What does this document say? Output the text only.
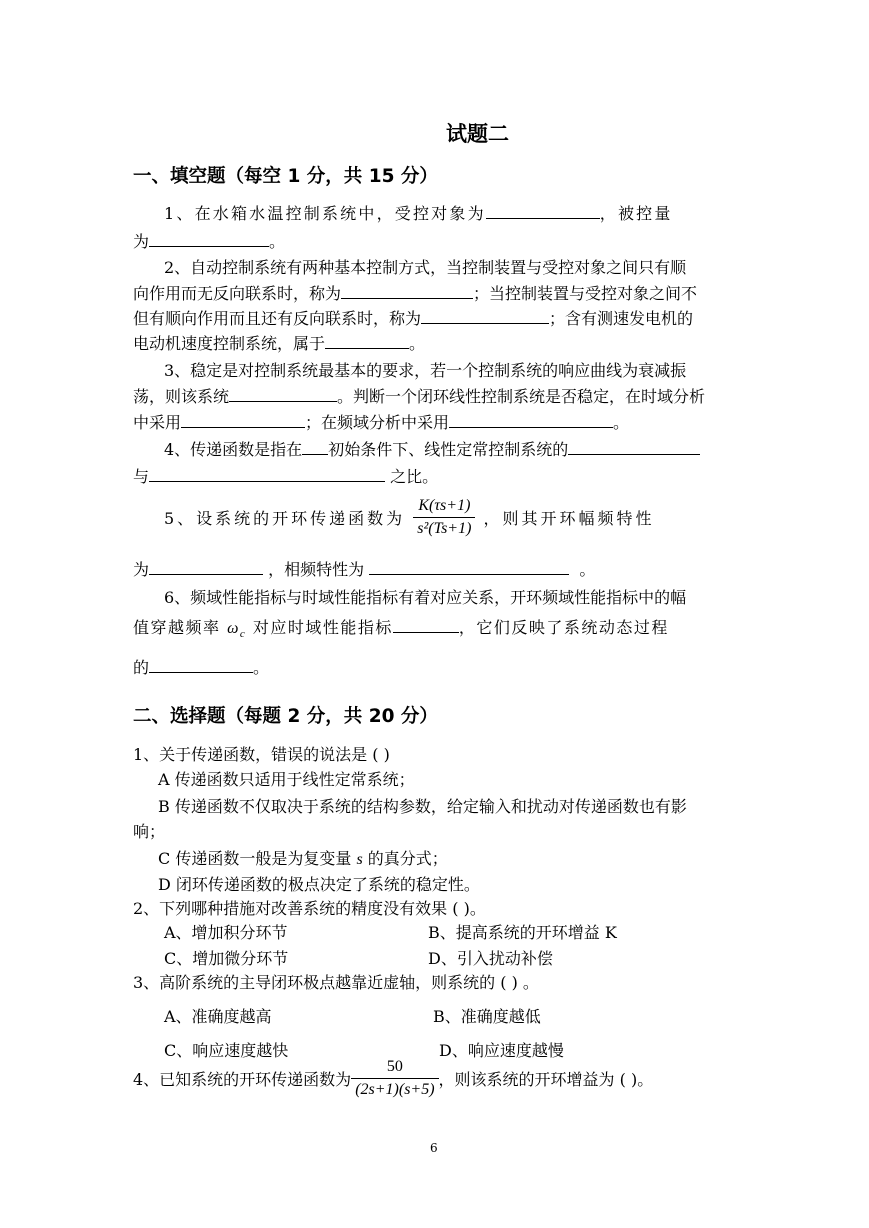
试题二
一、填空题（每空 1 分，共 15 分）
1、在水箱水温控制系统中，受控对象为	，被控量
为	。
2、自动控制系统有两种基本控制方式，当控制装置与受控对象之间只有顺
向作用而无反向联系时，称为	；当控制装置与受控对象之间不
但有顺向作用而且还有反向联系时，称为	；含有测速发电机的
电动机速度控制系统，属于	。
3、稳定是对控制系统最基本的要求，若一个控制系统的响应曲线为衰减振
荡，则该系统	。判断一个闭环线性控制系统是否稳定，在时域分析
中采用	；在频域分析中采用	。
4、传递函数是指在 初始条件下、线性定常控制系统的
与	之比。
5、设系统的开环传递函数为 $\frac{K(\tau s+1)}{\text{s²(Ts+1)}}$ ，则其开环幅频特性
为	，相频特性为	。
6、频域性能指标与时域性能指标有着对应关系，开环频域性能指标中的幅
值穿越频率 $\omega_c$ 对应时域性能指标	，它们反映了系统动态过程
的	。
二、选择题（每题 2 分，共 20 分）
1、关于传递函数，错误的说法是 ( )
A 传递函数只适用于线性定常系统；
B 传递函数不仅取决于系统的结构参数，给定输入和扰动对传递函数也有影
响；
C 传递函数一般是为复变量 s 的真分式；
D 闭环传递函数的极点决定了系统的稳定性。
2、下列哪种措施对改善系统的精度没有效果 ( )。
A、增加积分环节	B、提高系统的开环增益 K
C、增加微分环节	D、引入扰动补偿
3、高阶系统的主导闭环极点越靠近虚轴，则系统的 ( ) 。
A、准确度越高	B、准确度越低
C、响应速度越快	D、响应速度越慢
4、已知系统的开环传递函数为 $\frac{50}{(2s+1)(s+5)}$ ，则该系统的开环增益为 ( )。
6
